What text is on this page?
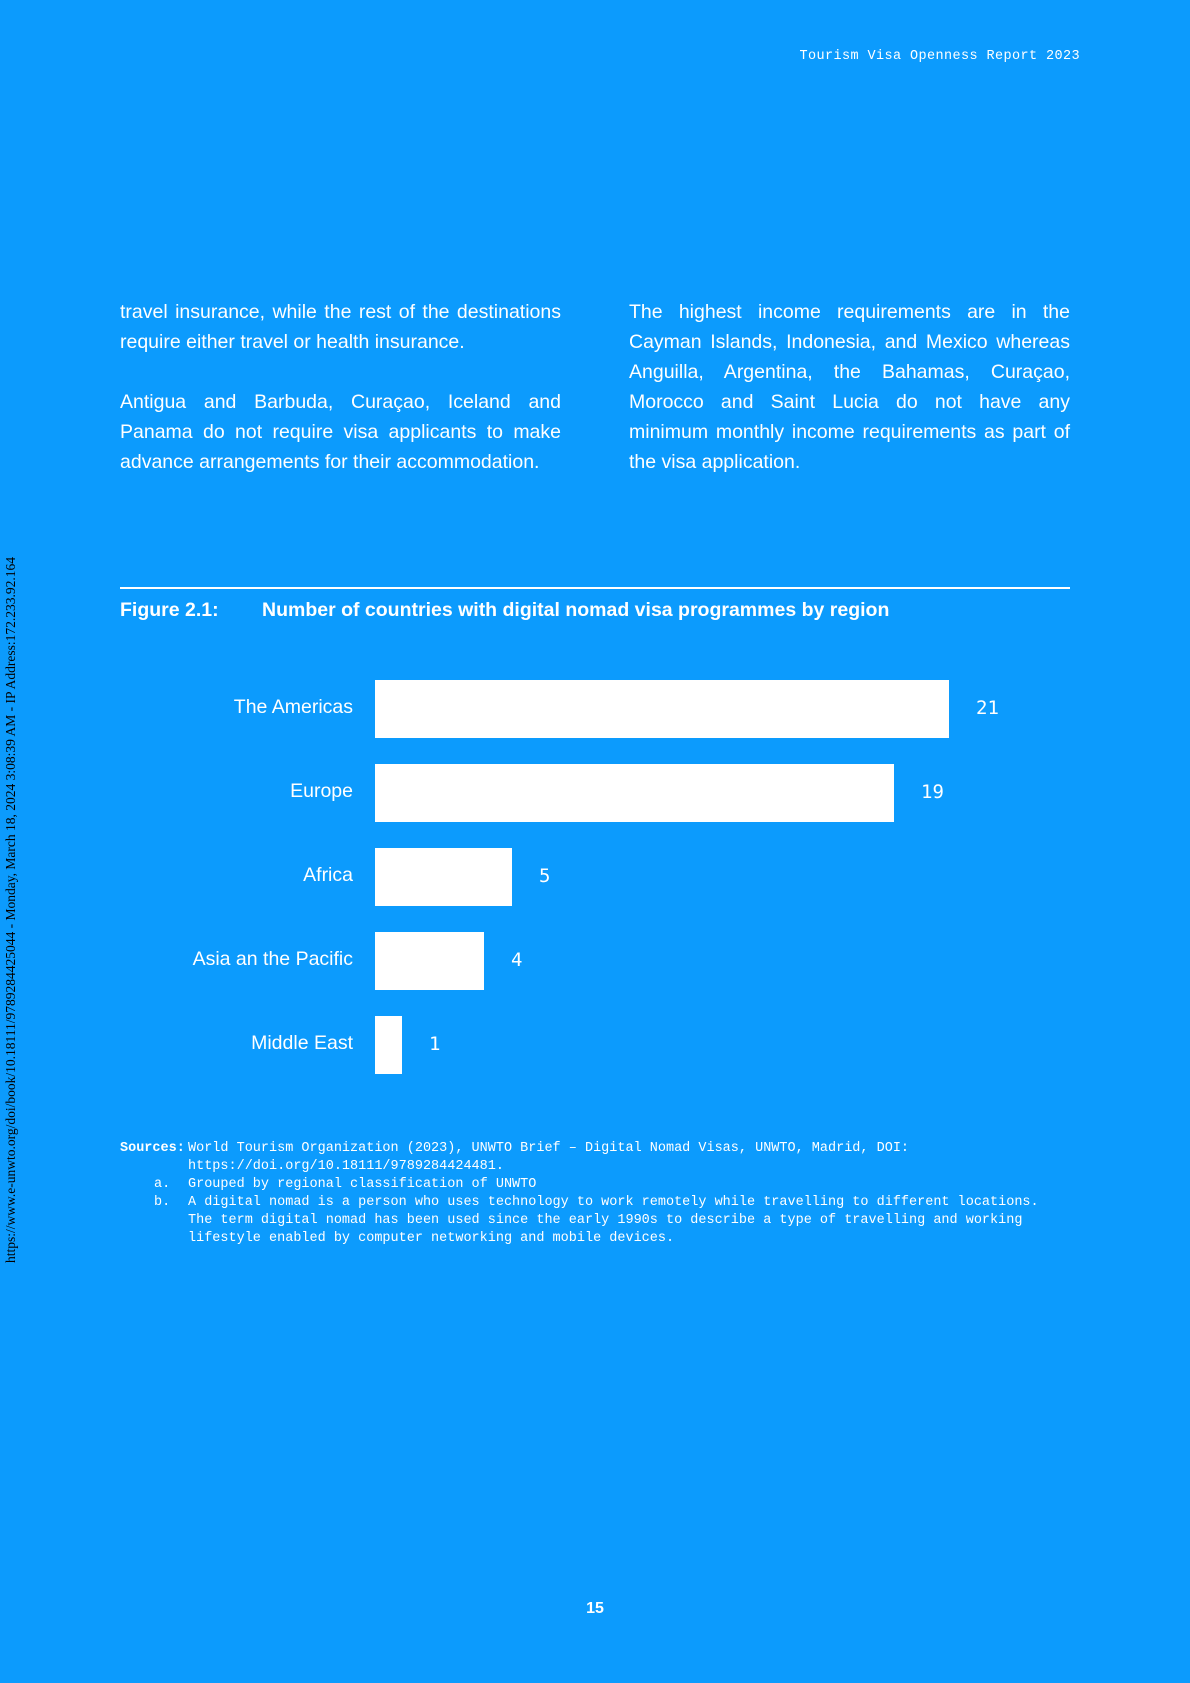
Tourism Visa Openness Report 2023
https://www.e-unwto.org/doi/book/10.18111/9789284425044 - Monday, March 18, 2024 3:08:39 AM - IP Address:172.233.92.164

travel insurance, while the rest of the destinations require either travel or health insurance.

Antigua and Barbuda, Curaçao, Iceland and Panama do not require visa applicants to make advance arrangements for their accommodation.

The highest income requirements are in the Cayman Islands, Indonesia, and Mexico whereas Anguilla, Argentina, the Bahamas, Curaçao, Morocco and Saint Lucia do not have any minimum monthly income requirements as part of the visa application.

Figure 2.1: Number of countries with digital nomad visa programmes by region
The Americas	21
Europe	19
Africa	5
Asia an the Pacific	4
Middle East	1
Sources: World Tourism Organization (2023), UNWTO Brief – Digital Nomad Visas, UNWTO, Madrid, DOI: https://doi.org/10.18111/9789284424481.
a.	Grouped by regional classification of UNWTO
b.	A digital nomad is a person who uses technology to work remotely while travelling to different locations. The term digital nomad has been used since the early 1990s to describe a type of travelling and working lifestyle enabled by computer networking and mobile devices.
15
